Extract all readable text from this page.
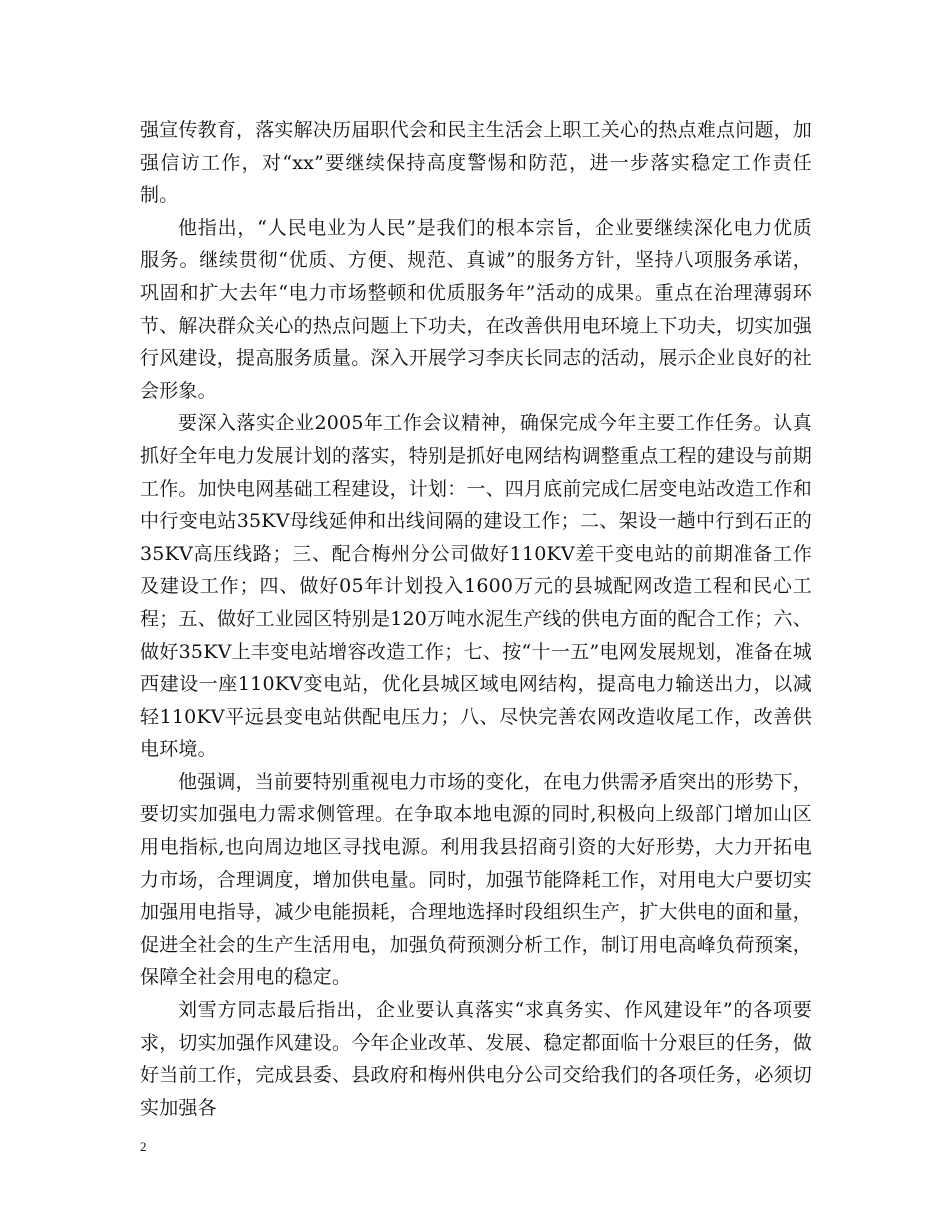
强宣传教育，落实解决历届职代会和民主生活会上职工关心的热点难点问题，加强信访工作，对“xx”要继续保持高度警惕和防范，进一步落实稳定工作责任制。

他指出，“人民电业为人民”是我们的根本宗旨，企业要继续深化电力优质服务。继续贯彻“优质、方便、规范、真诚”的服务方针，坚持八项服务承诺，巩固和扩大去年“电力市场整顿和优质服务年”活动的成果。重点在治理薄弱环节、解决群众关心的热点问题上下功夫，在改善供用电环境上下功夫，切实加强行风建设，提高服务质量。深入开展学习李庆长同志的活动，展示企业良好的社会形象。

要深入落实企业2005年工作会议精神，确保完成今年主要工作任务。认真抓好全年电力发展计划的落实，特别是抓好电网结构调整重点工程的建设与前期工作。加快电网基础工程建设，计划：一、四月底前完成仁居变电站改造工作和中行变电站35KV母线延伸和出线间隔的建设工作；二、架设一趟中行到石正的35KV高压线路；三、配合梅州分公司做好110KV差干变电站的前期准备工作及建设工作；四、做好05年计划投入1600万元的县城配网改造工程和民心工程；五、做好工业园区特别是120万吨水泥生产线的供电方面的配合工作；六、做好35KV上丰变电站增容改造工作；七、按“十一五”电网发展规划，准备在城西建设一座110KV变电站，优化县城区域电网结构，提高电力输送出力，以减轻110KV平远县变电站供配电压力；八、尽快完善农网改造收尾工作，改善供电环境。

他强调，当前要特别重视电力市场的变化，在电力供需矛盾突出的形势下，要切实加强电力需求侧管理。在争取本地电源的同时,积极向上级部门增加山区用电指标,也向周边地区寻找电源。利用我县招商引资的大好形势，大力开拓电力市场，合理调度，增加供电量。同时，加强节能降耗工作，对用电大户要切实加强用电指导，减少电能损耗，合理地选择时段组织生产，扩大供电的面和量，促进全社会的生产生活用电，加强负荷预测分析工作，制订用电高峰负荷预案，保障全社会用电的稳定。

刘雪方同志最后指出，企业要认真落实“求真务实、作风建设年”的各项要求，切实加强作风建设。今年企业改革、发展、稳定都面临十分艰巨的任务，做好当前工作，完成县委、县政府和梅州供电分公司交给我们的各项任务，必须切实加强各

2
